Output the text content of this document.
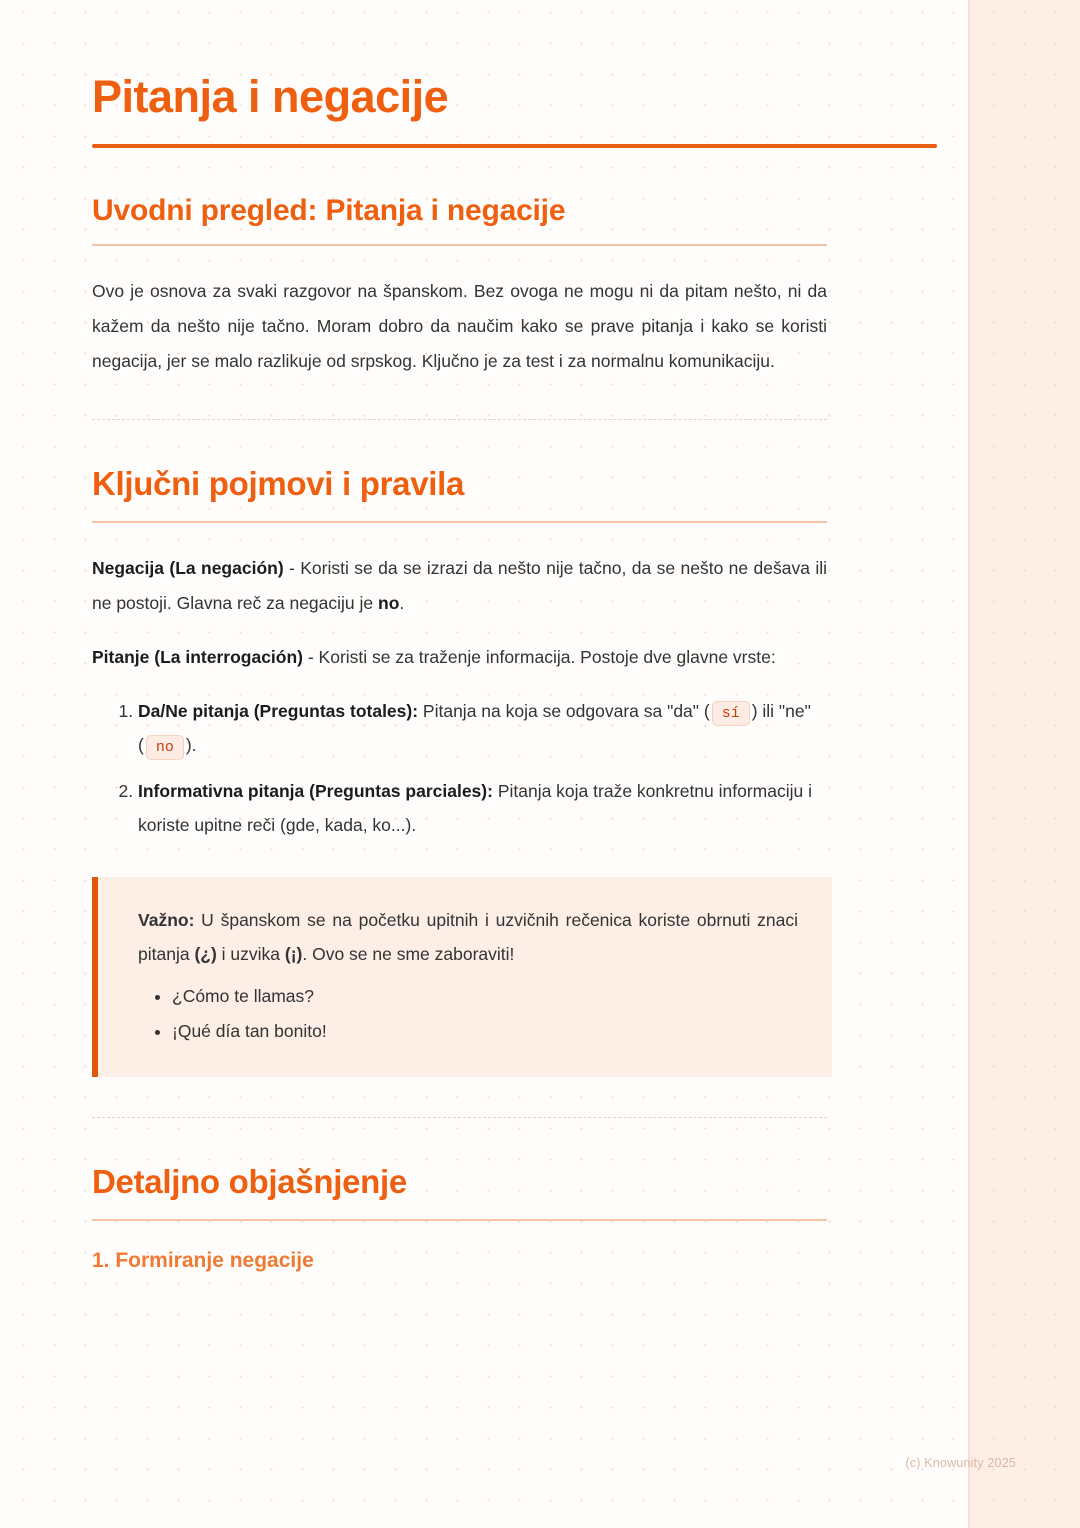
Pitanja i negacije
Uvodni pregled: Pitanja i negacije

Ovo je osnova za svaki razgovor na španskom. Bez ovoga ne mogu ni da pitam nešto, ni da kažem da nešto nije tačno. Moram dobro da naučim kako se prave pitanja i kako se koristi negacija, jer se malo razlikuje od srpskog. Ključno je za test i za normalnu komunikaciju.

Ključni pojmovi i pravila

Negacija (La negación) - Koristi se da se izrazi da nešto nije tačno, da se nešto ne dešava ili ne postoji. Glavna reč za negaciju je no.

Pitanje (La interrogación) - Koristi se za traženje informacija. Postoje dve glavne vrste:

1. Da/Ne pitanja (Preguntas totales): Pitanja na koja se odgovara sa "da" ( sí ) ili "ne" ( no ).
2. Informativna pitanja (Preguntas parciales): Pitanja koja traže konkretnu informaciju i koriste upitne reči (gde, kada, ko...).

Važno: U španskom se na početku upitnih i uzvičnih rečenica koriste obrnuti znaci pitanja (¿) i uzvika (¡). Ovo se ne sme zaboraviti!

• ¿Cómo te llamas?
• ¡Qué día tan bonito!
Detaljno objašnjenje
1. Formiranje negacije
(c) Knowunity 2025
